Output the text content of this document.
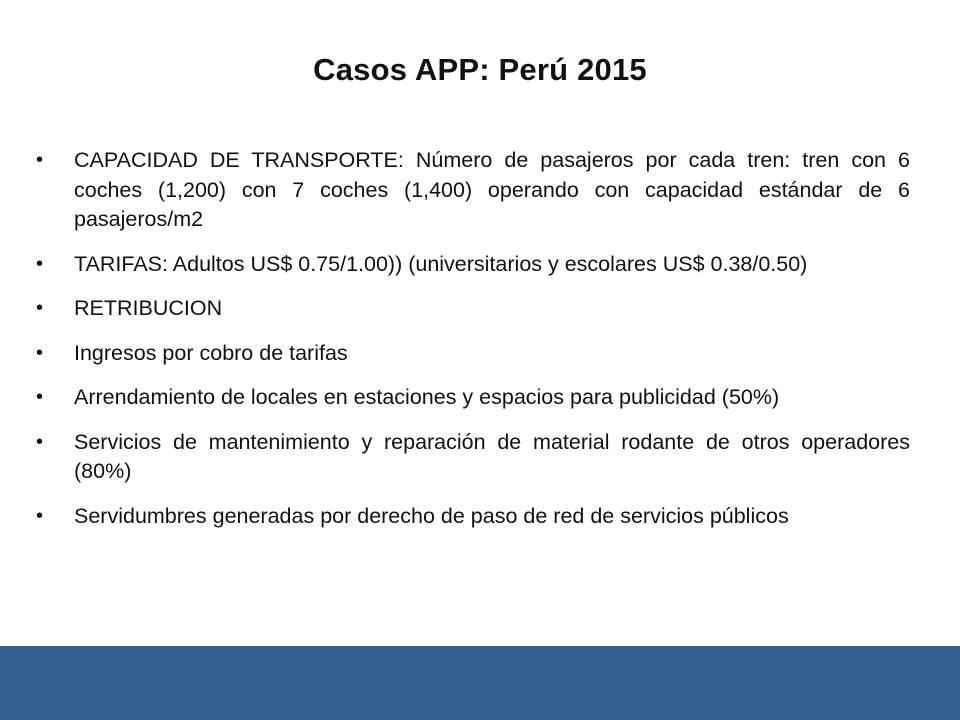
Casos APP: Perú 2015
• CAPACIDAD DE TRANSPORTE: Número de pasajeros por cada tren: tren con 6 coches (1,200) con 7 coches (1,400) operando con capacidad estándar de 6 pasajeros/m2
• TARIFAS: Adultos US$ 0.75/1.00)) (universitarios y escolares US$ 0.38/0.50)
• RETRIBUCION
• Ingresos por cobro de tarifas
• Arrendamiento de locales en estaciones y espacios para publicidad (50%)
• Servicios de mantenimiento y reparación de material rodante de otros operadores (80%)
• Servidumbres generadas por derecho de paso de red de servicios públicos
